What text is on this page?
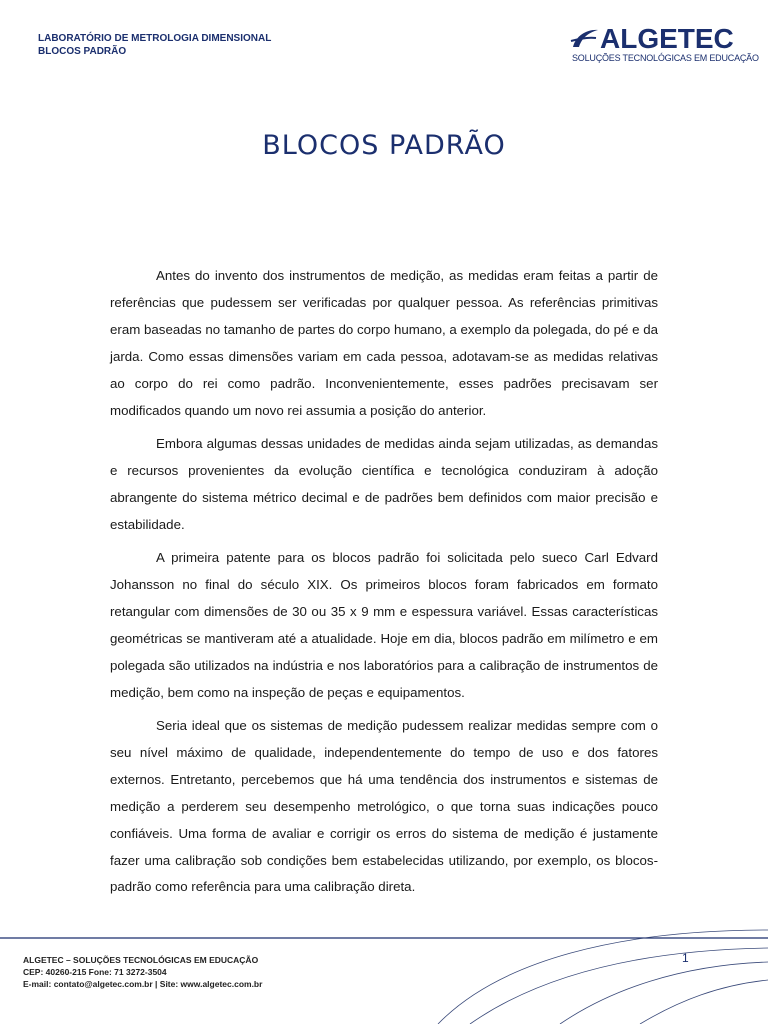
LABORATÓRIO DE METROLOGIA DIMENSIONAL
BLOCOS PADRÃO	ALGETEC
SOLUÇÕES TECNOLÓGICAS EM EDUCAÇÃO
BLOCOS PADRÃO

Antes do invento dos instrumentos de medição, as medidas eram feitas a partir de referências que pudessem ser verificadas por qualquer pessoa. As referências primitivas eram baseadas no tamanho de partes do corpo humano, a exemplo da polegada, do pé e da jarda. Como essas dimensões variam em cada pessoa, adotavam-se as medidas relativas ao corpo do rei como padrão. Inconvenientemente, esses padrões precisavam ser modificados quando um novo rei assumia a posição do anterior.

Embora algumas dessas unidades de medidas ainda sejam utilizadas, as demandas e recursos provenientes da evolução científica e tecnológica conduziram à adoção abrangente do sistema métrico decimal e de padrões bem definidos com maior precisão e estabilidade.

A primeira patente para os blocos padrão foi solicitada pelo sueco Carl Edvard Johansson no final do século XIX. Os primeiros blocos foram fabricados em formato retangular com dimensões de 30 ou 35 x 9 mm e espessura variável. Essas características geométricas se mantiveram até a atualidade. Hoje em dia, blocos padrão em milímetro e em polegada são utilizados na indústria e nos laboratórios para a calibração de instrumentos de medição, bem como na inspeção de peças e equipamentos.

Seria ideal que os sistemas de medição pudessem realizar medidas sempre com o seu nível máximo de qualidade, independentemente do tempo de uso e dos fatores externos. Entretanto, percebemos que há uma tendência dos instrumentos e sistemas de medição a perderem seu desempenho metrológico, o que torna suas indicações pouco confiáveis. Uma forma de avaliar e corrigir os erros do sistema de medição é justamente fazer uma calibração sob condições bem estabelecidas utilizando, por exemplo, os blocos-padrão como referência para uma calibração direta.

ALGETEC – SOLUÇÕES TECNOLÓGICAS EM EDUCAÇÃO
CEP: 40260-215 Fone: 71 3272-3504
E-mail: contato@algetec.com.br | Site: www.algetec.com.br
1
